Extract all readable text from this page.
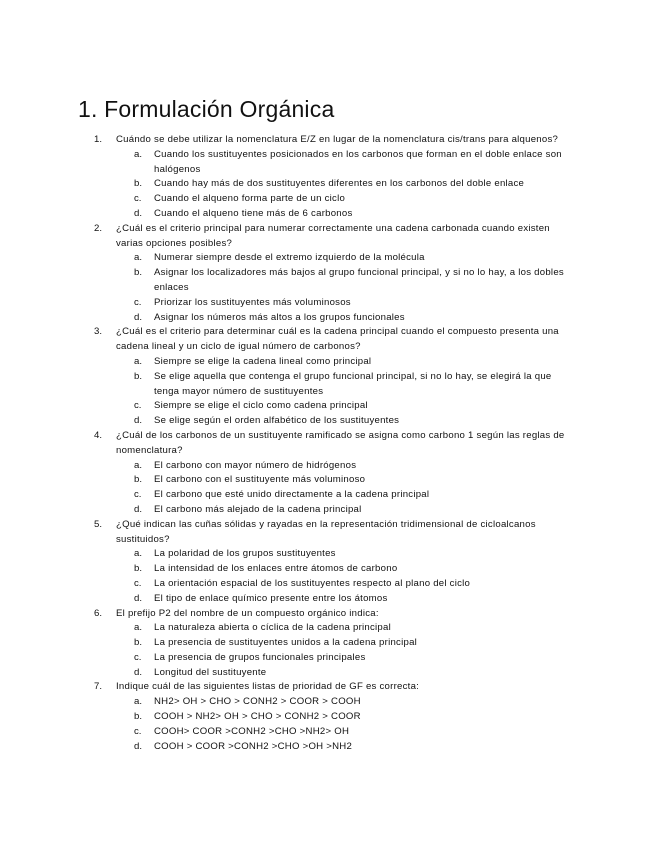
1. Formulación Orgánica
1.	Cuándo se debe utilizar la nomenclatura E/Z en lugar de la nomenclatura cis/trans para alquenos?
a. Cuando los sustituyentes posicionados en los carbonos que forman en el doble enlace son halógenos
b. Cuando hay más de dos sustituyentes diferentes en los carbonos del doble enlace
c. Cuando el alqueno forma parte de un ciclo
d. Cuando el alqueno tiene más de 6 carbonos
2.	¿Cuál es el criterio principal para numerar correctamente una cadena carbonada cuando existen varias opciones posibles?
a. Numerar siempre desde el extremo izquierdo de la molécula
b. Asignar los localizadores más bajos al grupo funcional principal, y si no lo hay, a los dobles enlaces
c. Priorizar los sustituyentes más voluminosos
d. Asignar los números más altos a los grupos funcionales
3.	¿Cuál es el criterio para determinar cuál es la cadena principal cuando el compuesto presenta una cadena lineal y un ciclo de igual número de carbonos?
a. Siempre se elige la cadena lineal como principal
b. Se elige aquella que contenga el grupo funcional principal, si no lo hay, se elegirá la que tenga mayor número de sustituyentes
c. Siempre se elige el ciclo como cadena principal
d. Se elige según el orden alfabético de los sustituyentes
4.	¿Cuál de los carbonos de un sustituyente ramificado se asigna como carbono 1 según las reglas de nomenclatura?
a. El carbono con mayor número de hidrógenos
b. El carbono con el sustituyente más voluminoso
c. El carbono que esté unido directamente a la cadena principal
d. El carbono más alejado de la cadena principal
5.	¿Qué indican las cuñas sólidas y rayadas en la representación tridimensional de cicloalcanos sustituidos?
a. La polaridad de los grupos sustituyentes
b. La intensidad de los enlaces entre átomos de carbono
c. La orientación espacial de los sustituyentes respecto al plano del ciclo
d. El tipo de enlace químico presente entre los átomos
6.	El prefijo P2 del nombre de un compuesto orgánico indica:
a. La naturaleza abierta o cíclica de la cadena principal
b. La presencia de sustituyentes unidos a la cadena principal
c. La presencia de grupos funcionales principales
d. Longitud del sustituyente
7.	Indique cuál de las siguientes listas de prioridad de GF es correcta:
a. NH2> OH > CHO > CONH2 > COOR > COOH
b. COOH > NH2> OH > CHO > CONH2 > COOR
c. COOH> COOR >CONH2 >CHO >NH2> OH
d. COOH > COOR >CONH2 >CHO >OH >NH2
